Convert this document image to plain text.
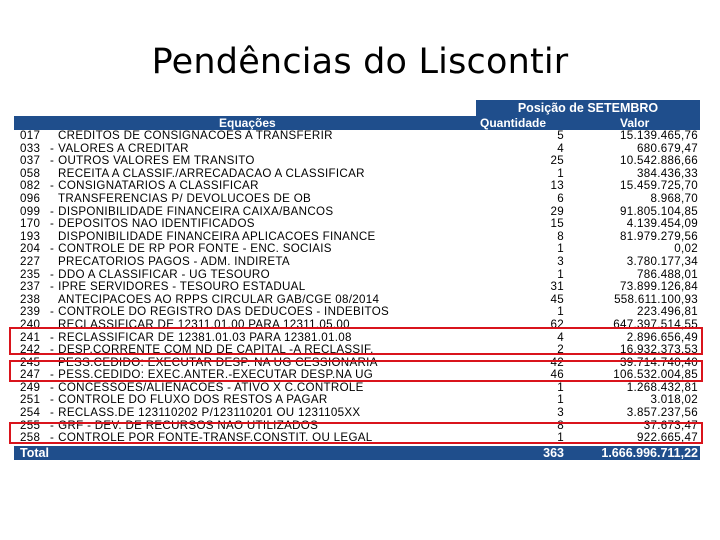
Pendências do Liscontir
Posição de SETEMBRO
Equações	Quantidade	Valor
017 CREDITOS DE CONSIGNACOES A TRANSFERIR	5	15.139.465,76
033 - VALORES A CREDITAR	4	680.679,47
037 - OUTROS VALORES EM TRANSITO	25	10.542.886,66
058 RECEITA A CLASSIF./ARRECADACAO A CLASSIFICAR	1	384.436,33
082 - CONSIGNATARIOS A CLASSIFICAR	13	15.459.725,70
096 TRANSFERENCIAS P/ DEVOLUCOES DE OB	6	8.968,70
099 - DISPONIBILIDADE FINANCEIRA CAIXA/BANCOS	29	91.805.104,85
170 - DEPOSITOS NAO IDENTIFICADOS	15	4.139.454,09
193 DISPONIBILIDADE FINANCEIRA APLICACOES FINANCE	8	81.979.279,56
204 - CONTROLE DE RP POR FONTE - ENC. SOCIAIS	1	0,02
227 PRECATORIOS PAGOS - ADM. INDIRETA	3	3.780.177,34
235 - DDO A CLASSIFICAR - UG TESOURO	1	786.488,01
237 - IPRE SERVIDORES - TESOURO ESTADUAL	31	73.899.126,84
238 ANTECIPACOES AO RPPS CIRCULAR GAB/CGE 08/2014	45	558.611.100,93
239 - CONTROLE DO REGISTRO DAS DEDUCOES - INDEBITOS	1	223.496,81
240 RECLASSIFICAR DE 12311.01.00 PARA 12311.05.00	62	647.397.514,55
241 - RECLASSIFICAR DE 12381.01.03 PARA 12381.01.08	4	2.896.656,49
242 - DESP.CORRENTE COM ND DE CAPITAL -A RECLASSIF.	2	16.932.373,53
245 PESS.CEDIDO: EXECUTAR DESP. NA UG CESSIONARIA	42	39.714.740,40
247 - PESS.CEDIDO: EXEC.ANTER.-EXECUTAR DESP.NA UG	46	106.532.004,85
249 - CONCESSOES/ALIENACOES - ATIVO X C.CONTROLE	1	1.268.432,81
251 - CONTROLE DO FLUXO DOS RESTOS A PAGAR	1	3.018,02
254 - RECLASS.DE 123110202 P/123110201 OU 1231105XX	3	3.857.237,56
255 - GRF - DEV. DE RECURSOS NAO UTILIZADOS	8	37.673,47
258 - CONTROLE POR FONTE-TRANSF.CONSTIT. OU LEGAL	1	922.665,47
Total	363	1.666.996.711,22
